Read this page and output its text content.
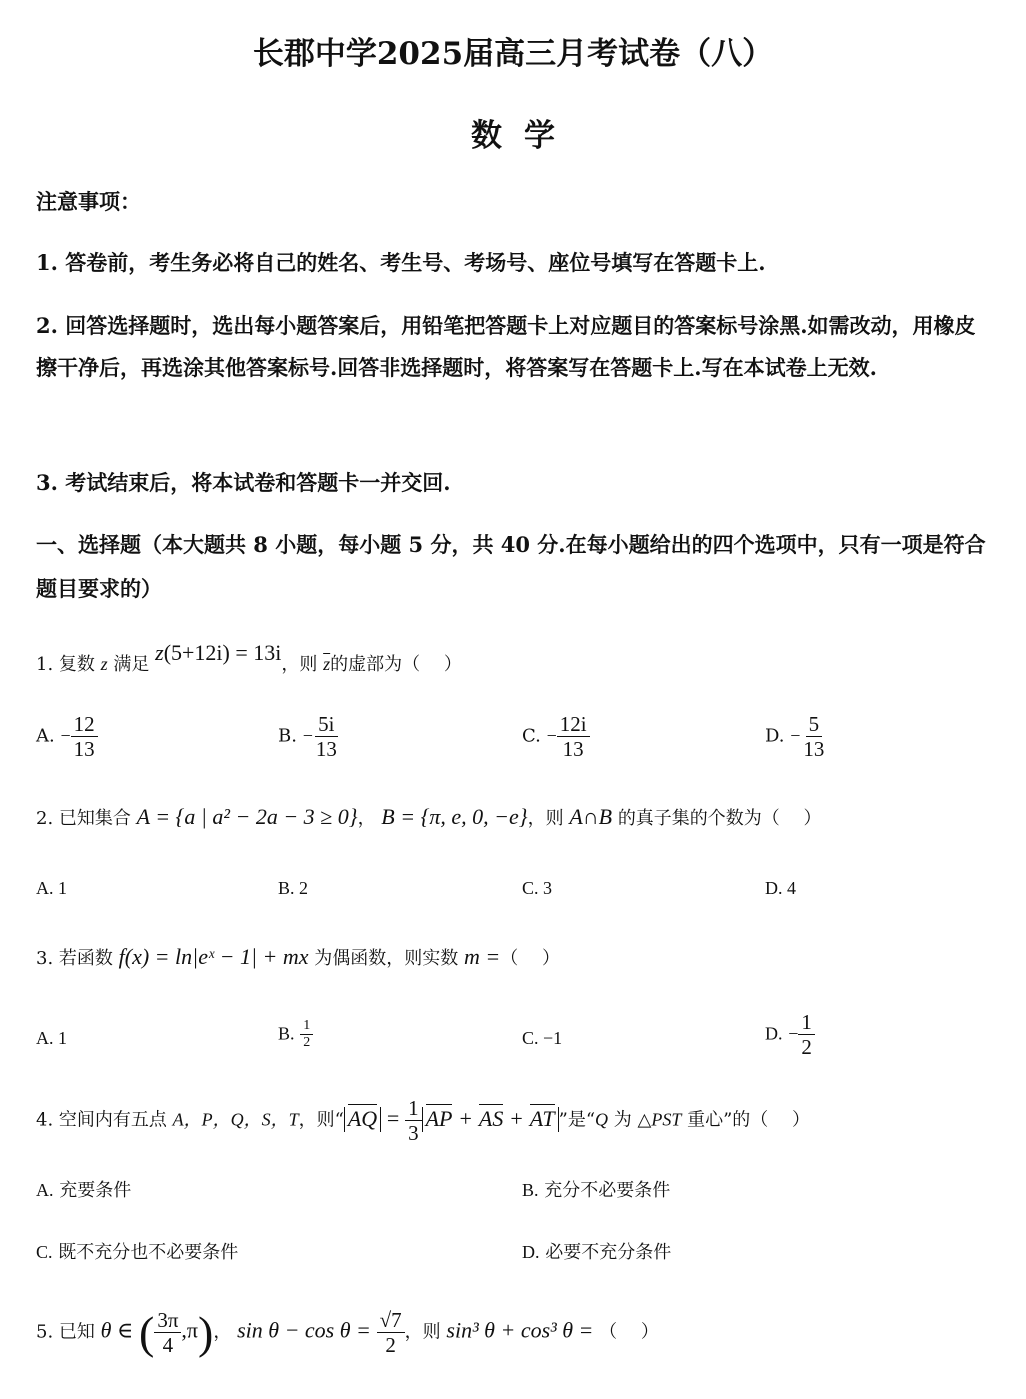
长郡中学2025届高三月考试卷（八）
数学
注意事项：
1. 答卷前，考生务必将自己的姓名、考生号、考场号、座位号填写在答题卡上.
2. 回答选择题时，选出每小题答案后，用铅笔把答题卡上对应题目的答案标号涂黑.如需改动，用橡皮擦干净后，再选涂其他答案标号.回答非选择题时，将答案写在答题卡上.写在本试卷上无效.
3. 考试结束后，将本试卷和答题卡一并交回.
一、选择题（本大题共 8 小题，每小题 5 分，共 40 分.在每小题给出的四个选项中，只有一项是符合题目要求的）
1. 复数 z 满足 z(5+12i) = 13i，则 $\overline{z}$的虚部为（　 ）
A. − $\frac{12}{13}$	B. − $\frac{5i}{13}$	C. − $\frac{12i}{13}$	D. − $\frac{5}{13}$
2. 已知集合 A = {a | a² − 2a − 3 ≥ 0}， B = {π, e, 0, −e}，则 A∩B 的真子集的个数为（　 ）
A. 1	B. 2	C. 3	D. 4
3. 若函数 f(x) = ln|eˣ − 1| + mx 为偶函数，则实数 m =（　 ）
A. 1	B. $\frac{1}{2}$	C. −1	D. − $\frac{1}{2}$
4. 空间内有五点 A，P，Q，S，T，则“ AQ = $\frac{1}{3}$ AP + AS + AT ”是“Q 为 △PST 重心”的（　 ）
A. 充要条件	B. 充分不必要条件
C. 既不充分也不必要条件	D. 必要不充分条件
5. 已知 θ ∈ ( $\frac{3\pi}{4} ,\pi$)， $\sin \theta - \cos \theta = \frac{√7}{2}$ ，则 sin³ θ + cos³ θ = （　 ）
